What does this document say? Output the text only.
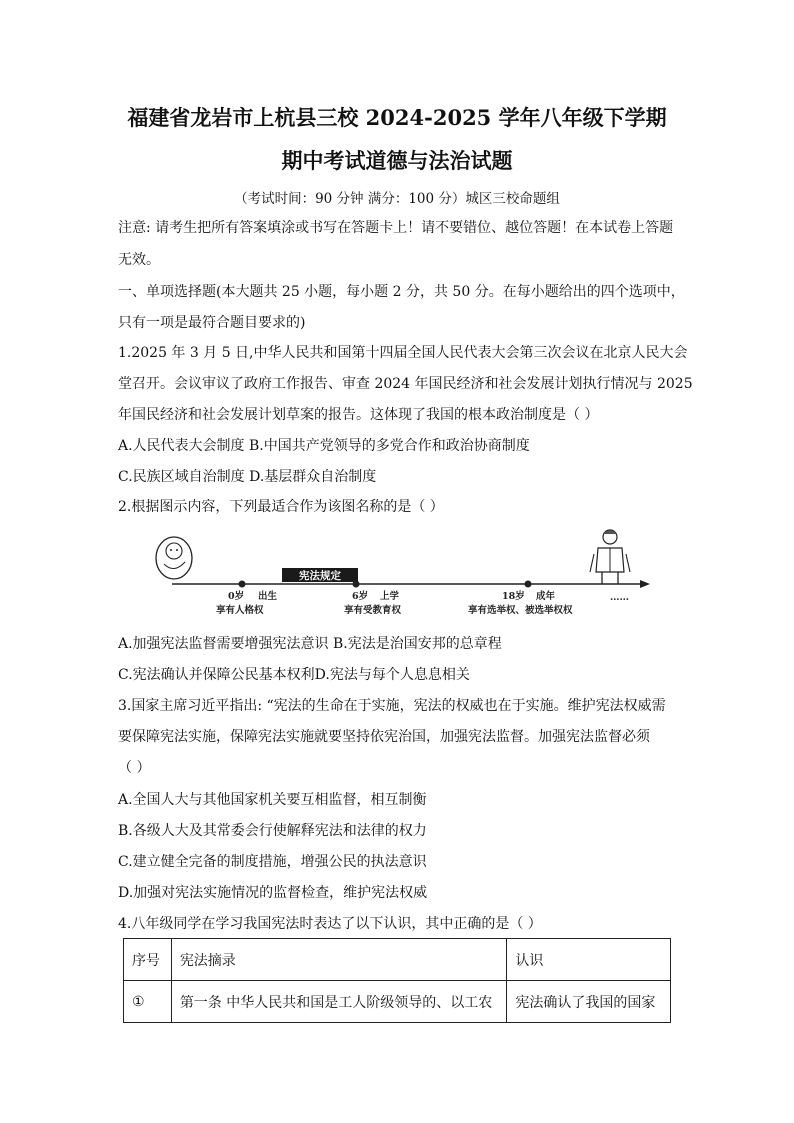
福建省龙岩市上杭县三校 2024-2025 学年八年级下学期
期中考试道德与法治试题
（考试时间：90 分钟 满分：100 分）城区三校命题组
注意: 请考生把所有答案填涂或书写在答题卡上！请不要错位、越位答题！在本试卷上答题
无效。
一、单项选择题(本大题共 25 小题，每小题 2 分，共 50 分。在每小题给出的四个选项中，
只有一项是最符合题目要求的)
1.2025 年 3 月 5 日,中华人民共和国第十四届全国人民代表大会第三次会议在北京人民大会
堂召开。会议审议了政府工作报告、审查 2024 年国民经济和社会发展计划执行情况与 2025
年国民经济和社会发展计划草案的报告。这体现了我国的根本政治制度是（ ）
A.人民代表大会制度 B.中国共产党领导的多党合作和政治协商制度
C.民族区域自治制度 D.基层群众自治制度
2.根据图示内容，下列最适合作为该图名称的是（ ）
宪法规定
0岁 出生
享有人格权
6岁 上学
享有受教育权
18岁 成年
享有选举权、被选举权权
……
A.加强宪法监督需要增强宪法意识 B.宪法是治国安邦的总章程
C.宪法确认并保障公民基本权利D.宪法与每个人息息相关
3.国家主席习近平指出: “宪法的生命在于实施，宪法的权威也在于实施。维护宪法权威需
要保障宪法实施，保障宪法实施就要坚持依宪治国，加强宪法监督。加强宪法监督必须
（ ）
A.全国人大与其他国家机关要互相监督，相互制衡
B.各级人大及其常委会行使解释宪法和法律的权力
C.建立健全完备的制度措施，增强公民的执法意识
D.加强对宪法实施情况的监督检查，维护宪法权威
4.八年级同学在学习我国宪法时表达了以下认识，其中正确的是（ ）
序号	宪法摘录	认识
①	第一条 中华人民共和国是工人阶级领导的、以工农	宪法确认了我国的国家
